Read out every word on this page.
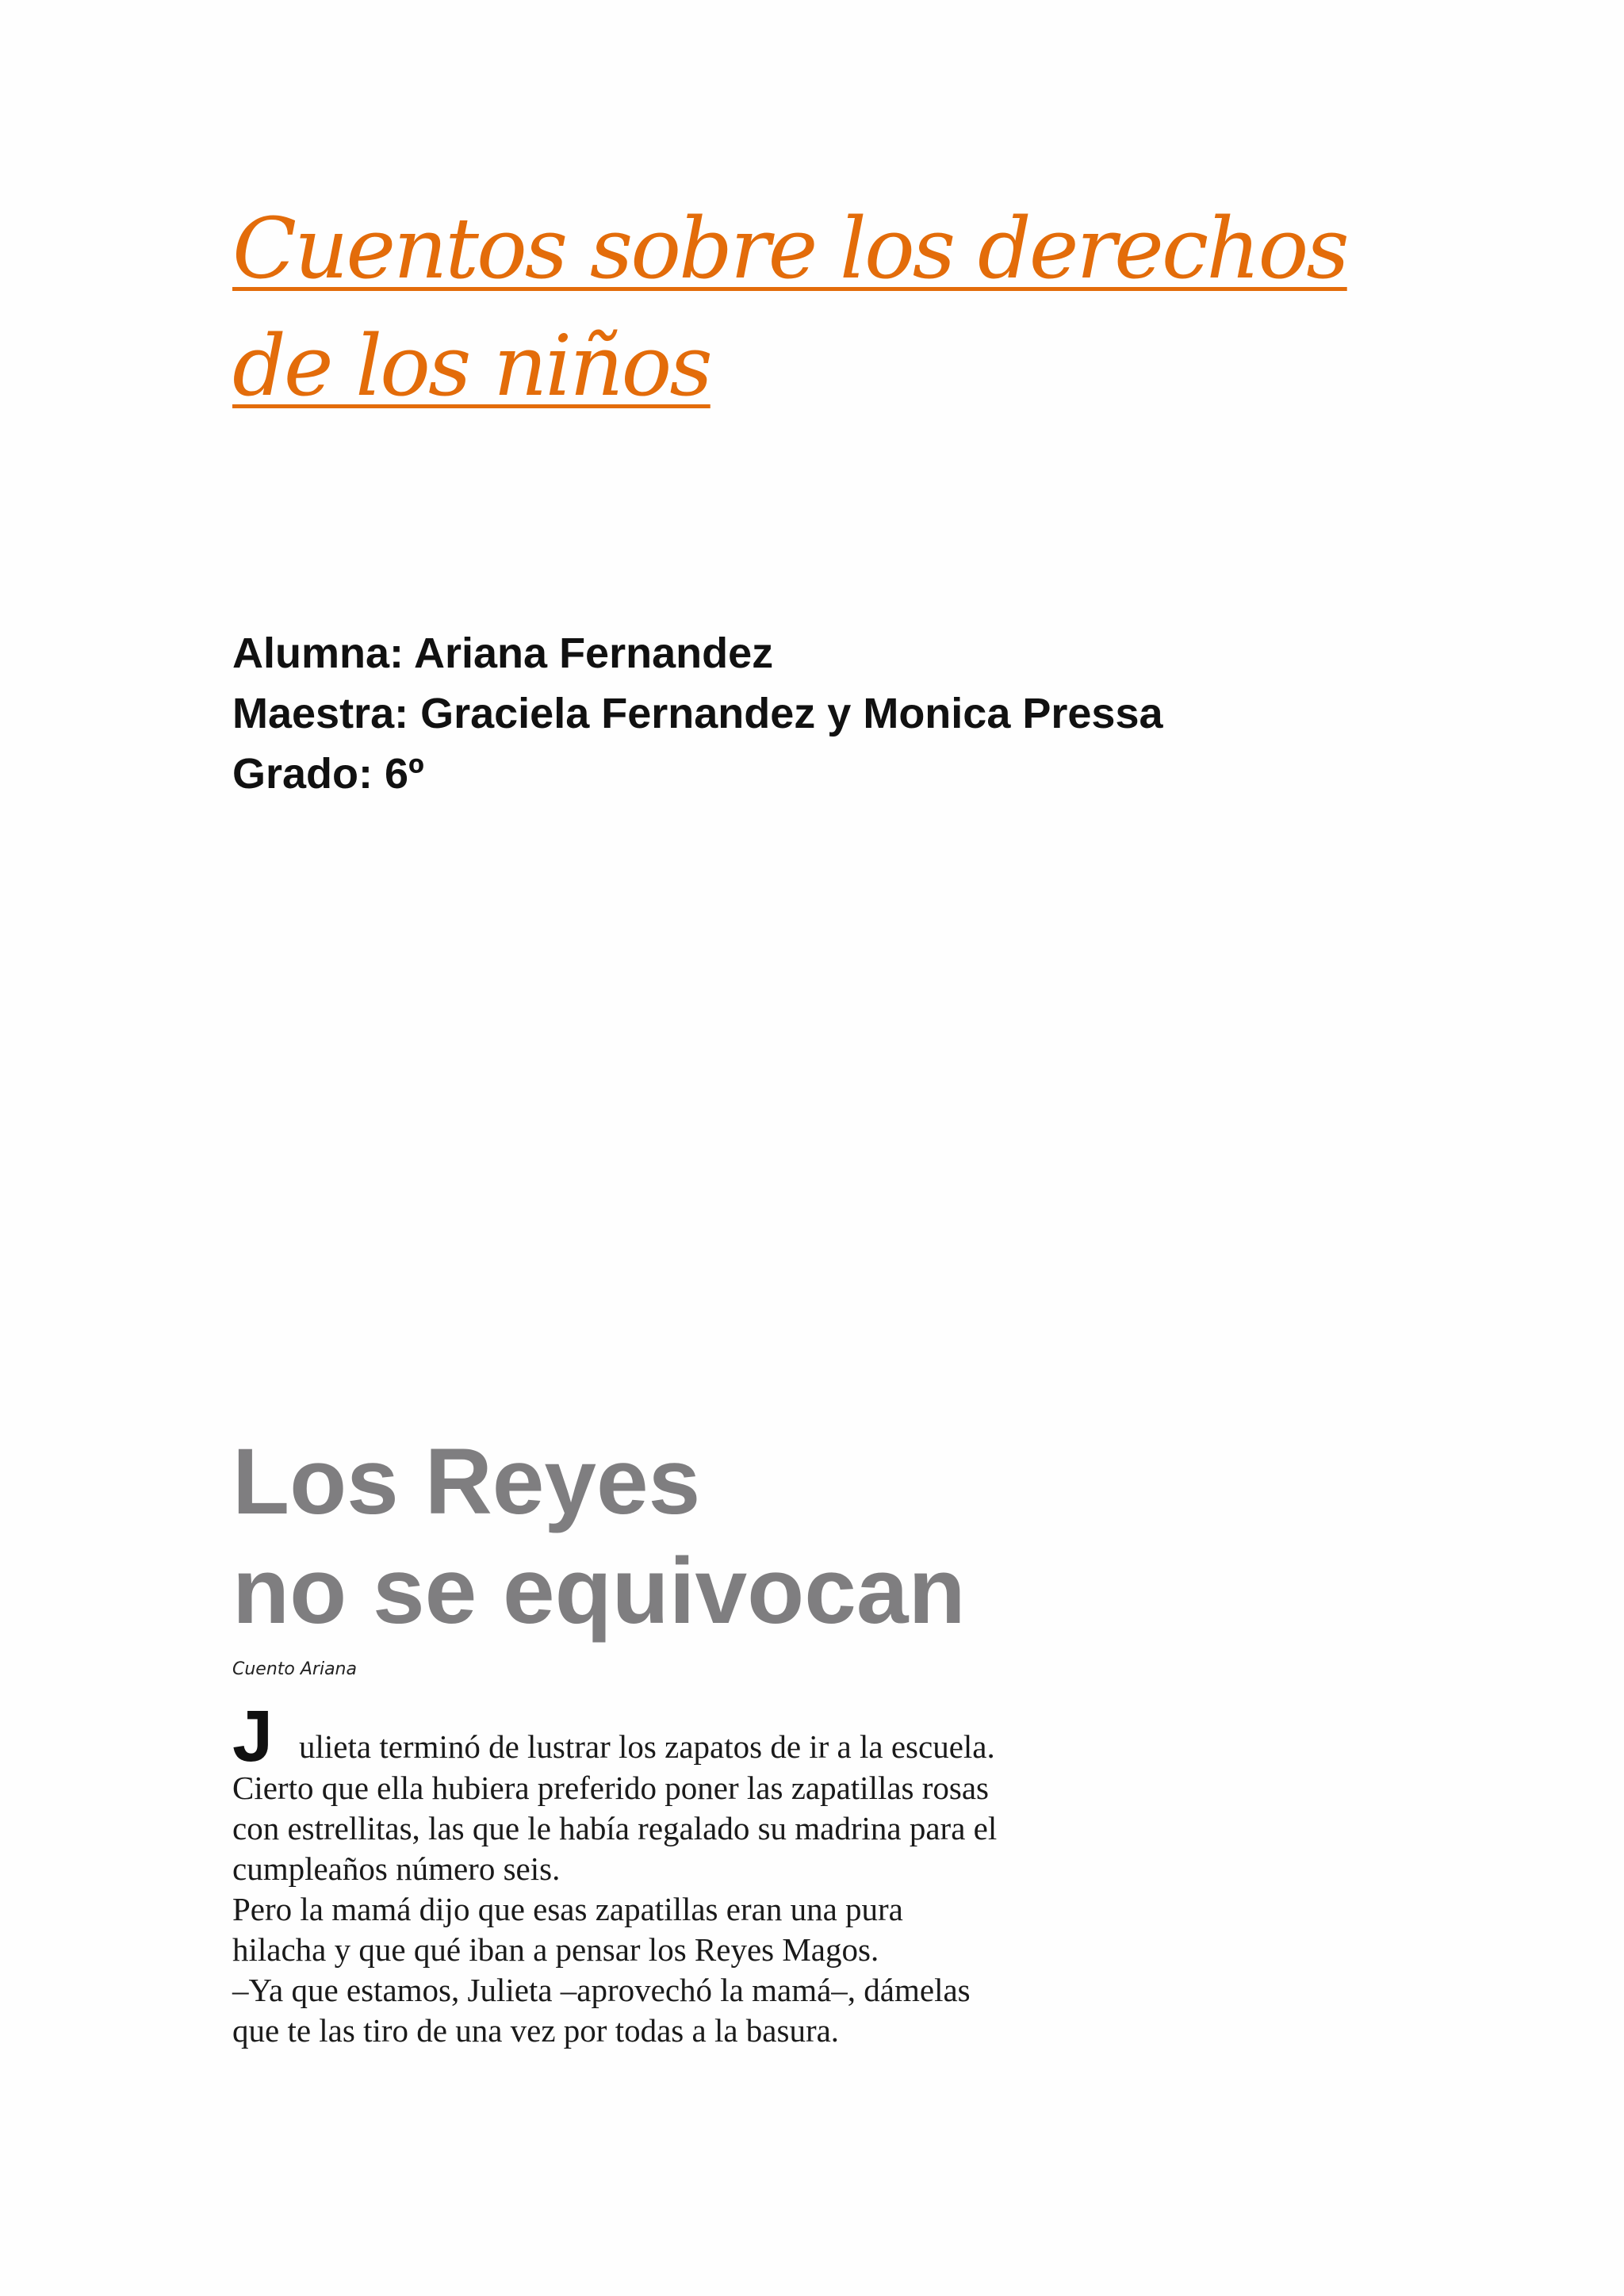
Cuentos sobre los derechos
de los niños
Alumna: Ariana Fernandez
Maestra: Graciela Fernandez y Monica Pressa
Grado: 6º
Los Reyes
no se equivocan
Cuento Ariana
J ulieta terminó de lustrar los zapatos de ir a la escuela.
Cierto que ella hubiera preferido poner las zapatillas rosas
con estrellitas, las que le había regalado su madrina para el
cumpleaños número seis.
Pero la mamá dijo que esas zapatillas eran una pura
hilacha y que qué iban a pensar los Reyes Magos.
–Ya que estamos, Julieta –aprovechó la mamá–, dámelas
que te las tiro de una vez por todas a la basura.
